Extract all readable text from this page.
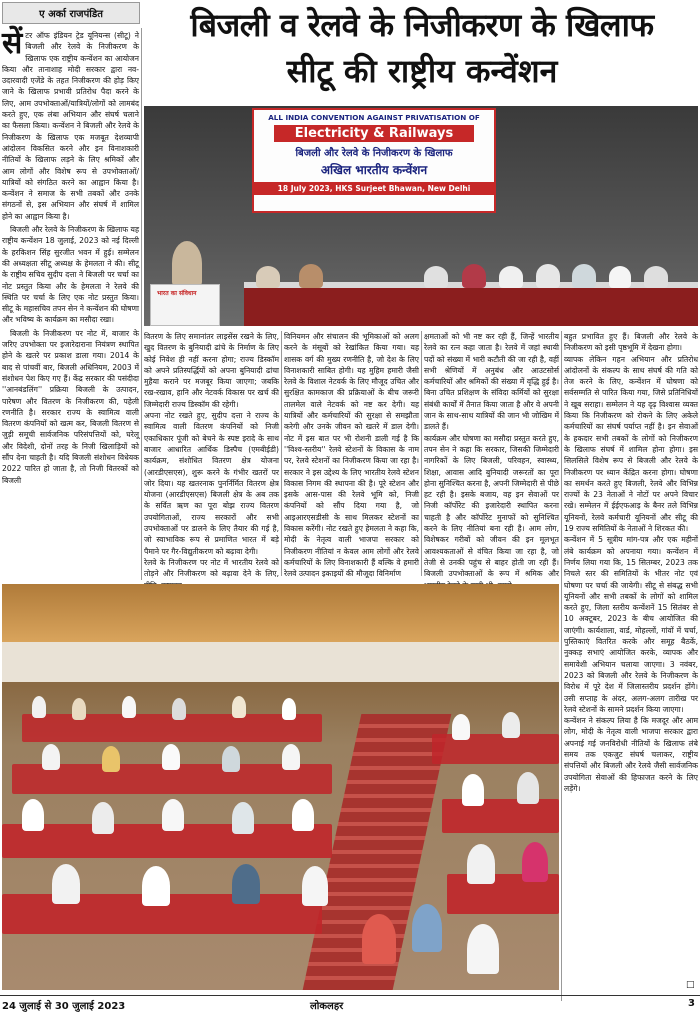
ए अर्का राजपंडित	बिजली व रेलवे के निजीकरण के खिलाफ
सीटू की राष्ट्रीय कन्वेंशन
ALL INDIA CONVENTION AGAINST PRIVATISATION OF
Electricity & Railways
बिजली और रेलवे के निजीकरण के खिलाफ
अखिल भारतीय कन्वेंशन
18 July 2023, HKS Surjeet Bhawan, New Delhi
भारत का संविधान

सेंटर ऑफ इंडियन ट्रेड यूनियन्स (सीटू) ने बिजली और रेलवे के निजीकरण के खिलाफ एक राष्ट्रीय कन्वेंशन का आयोजन किया और तानाशाह मोदी सरकार द्वारा नव-उदारवादी एजेंडे के तहत निजीकरण की होड़ किए जाने के खिलाफ प्रभावी प्रतिरोध पैदा करने के लिए, आम उपभोक्ताओं/यात्रियों/लोगों को लामबंद करते हुए, एक लंबा अभियान और संघर्ष चलाने का फैसला किया। कन्वेंशन ने बिजली और रेलवे के निजीकरण के खिलाफ एक मजबूत देशव्यापी आंदोलन विकसित करने और इन विनाशकारी नीतियों के खिलाफ लड़ने के लिए श्रमिकों और आम लोगों और विशेष रूप से उपभोक्ताओं/यात्रियों को संगठित करने का आह्वान किया है। कन्वेंशन ने समाज के सभी तबकों और उनके संगठनों से, इस अभियान और संघर्ष में शामिल होने का आह्वान किया है।

बिजली और रेलवे के निजीकरण के खिलाफ यह राष्ट्रीय कन्वेंशन 18 जुलाई, 2023 को नई दिल्ली के हरकिशन सिंह सुरजीत भवन में हुई। सम्मेलन की अध्यक्षता सीटू अध्यक्ष के हेमलता ने की। सीटू के राष्ट्रीय सचिव सुदीप दत्ता ने बिजली पर चर्चा का नोट प्रस्तुत किया और के हेमलता ने रेलवे की स्थिति पर चर्चा के लिए एक नोट प्रस्तुत किया। सीटू के महासचिव तपन सेन ने कन्वेंशन की घोषणा और भविष्य के कार्यक्रम का मसौदा रखा।

बिजली के निजीकरण पर नोट में, बाजार के जरिए उपभोक्ता पर इजारेदाराना नियंत्रण स्थापित होने के खतरे पर प्रकाश डाला गया। 2014 के बाद से पांचवीं बार, बिजली अधिनियम, 2003 में संशोधन पेश किए गए हैं। केंद्र सरकार की पसंदीदा ''आनबंडलिंग'' प्रक्रिया बिजली के उत्पादन, पारेषण और वितरण के निजीकरण की, पहेली रणनीति है। सरकार राज्य के स्वामित्व वाली वितरण कंपनियों को खत्म कर, बिजली वितरण से जुड़ी समूची सार्वजनिक परिसंपत्तियों को, घरेलू और विदेशी, दोनों तरह के निजी खिलाड़ियों को सौंप देना चाहती है। यदि बिजली संशोधन विधेयक 2022 पारित हो जाता है, तो निजी वितरकों को बिजली

वितरण के लिए समानांतर लाइसेंस रखने के लिए, खुद वितरण के बुनियादी ढांचे के निर्माण के लिए कोई निवेश ही नहीं करना होगा; राज्य डिस्कॉम को अपने प्रतिस्पर्द्धियों को अपना बुनियादी ढांचा मुहैया कराने पर मजबूर किया जाएगा; जबकि रख-रखाव, हानि और नेटवर्क विकास पर खर्च की जिम्मेदारी राज्य डिस्कॉम की रहेगी।
अपना नोट रखते हुए, सुदीप दत्ता ने राज्य के स्वामित्व वाली वितरण कंपनियों को निजी एकाधिकार पूंजी को बेचने के स्पष्ट इरादे के साथ बाजार आधारित आर्थिक डिस्पैच (एमबीईडी) कार्यक्रम, संशोधित वितरण क्षेत्र योजना (आरडीएसएस), शुरू करने के गंभीर खतरों पर जोर दिया। यह खतरनाक पुनर्निर्मित वितरण क्षेत्र योजना (आरडीएसएस) बिजली क्षेत्र के अब तक के सर्वित ऋण का पूरा बोझ राज्य वितरण उपयोगिताओं, राज्य सरकारों और सभी उपभोक्ताओं पर डालने के लिए तैयार की गई है, जो स्वाभाविक रूप से प्रमाणित भारत में बड़े पैमाने पर गैर-विद्युतीकरण को बढ़ावा देगी।
रेलवे के निजीकरण पर नोट में भारतीय रेलवे को तोड़ने और निजीकरण को बढ़ावा देने के लिए,
विनियमन और संचालन की भूमिकाओं को अलग करने के मंसूबों को रेखांकित किया गया। यह शासक वर्ग की मुख्य रणनीति है, जो देश के लिए विनाशकारी साबित होगी। यह मुहिम हमारी जैसी रेलवे के विशाल नेटवर्क के लिए मौजूद उचित और सुरक्षित कामकाज की प्रक्रियाओं के बीच जरूरी तालमेल वाले नेटवर्क को नष्ट कर देगी। यह यात्रियों और कर्मचारियों की सुरक्षा से समझौता करेगी और उनके जीवन को खतरे में डाल देगी। नोट में इस बात पर भी रोशनी डाली गई है कि ''विश्व-स्तरीय'' रेलवे स्टेशनों के विकास के नाम पर, रेलवे स्टेशनों का निजीकरण किया जा रहा है। सरकार ने इस उद्देश्य के लिए भारतीय रेलवे स्टेशन विकास निगम की स्थापना की है। पूरे स्टेशन और इसके आस-पास की रेलवे भूमि को, निजी कंपनियों को सौंप दिया गया है, जो आइआरएसडीसी के साथ मिलकर स्टेशनों का विकास करेंगी। नोट रखते हुए हेमलता ने कहा कि, मोदी के नेतृत्व वाली भाजपा सरकार को निजीकरण नीतियां न केवल आम लोगों और रेलवे कर्मचारियों के लिए विनाशकारी हैं बल्कि वे हमारी रेलवे उत्पादन इकाइयों की मौजूदा विनिर्माण
क्षमताओं को भी नष्ट कर रही हैं, जिन्हें भारतीय रेलवे का रत्न कहा जाता है। रेलवे में जहां स्थायी पदों को संख्या में भारी कटौती की जा रही है, वहीं सभी श्रेणियों में अनुबंध और आउटसोर्स कर्मचारियों और श्रमिकों की संख्या में वृद्धि हुई है। बिना उचित प्रशिक्षण के संविदा कर्मियों को सुरक्षा संबंधी कार्यों में तैनात किया जाता है और वे अपनी जान के साथ-साथ यात्रियों की जान भी जोखिम में डालते हैं।
कार्यक्रम और घोषणा का मसौदा प्रस्तुत करते हुए, तपन सेन ने कहा कि सरकार, जिसकी जिम्मेदारी नागरिकों के लिए बिजली, परिवहन, स्वास्थ्य, शिक्षा, आवास आदि बुनियादी जरूरतों का पूरा होना सुनिश्चित करना है, अपनी जिम्मेदारी से पीछे हट रही है। इसके बजाय, वह इन सेवाओं पर निजी कॉर्पोरेट की इजारेदारी स्थापित करना चाहती है और कॉर्पोरेट मुनाफों को सुनिश्चित करने के लिए नीतियां बना रही है। आम लोग, विशेषकर गरीबों को जीवन की इन मूलभूत आवश्यकताओं से वंचित किया जा रहा है, जो तेजी से उनकी पहुंच से बाहर होती जा रही हैं। बिजली उपभोक्ताओं के रूप में श्रमिक और
बहुत प्रभावित हुए हैं। बिजली और रेलवे के निजीकरण को इसी पृष्ठभूमि में देखना होगा।
व्यापक लेकिन गहन अभियान और प्रतिरोध आंदोलनों के संकल्प के साथ संघर्ष की गति को तेज करने के लिए, कन्वेंशन में घोषणा को सर्वसम्मति से पारित किया गया, जिसे प्रतिनिधियों ने खूब सराहा। सम्मेलन ने यह दृढ़ विश्वास व्यक्त किया कि निजीकरण को रोकने के लिए अकेले कर्मचारियों का संघर्ष पर्याप्त नहीं है। इन सेवाओं के हकदार सभी तबकों के लोगों को निजीकरण के खिलाफ संघर्ष में शामिल होना होगा। इस सिलसिले विशेष रूप से बिजली और रेलवे के निजीकरण पर ध्यान केंद्रित करना होगा। घोषणा का समर्थन करते हुए बिजली, रेलवे और विभिन्न राज्यों के 23 नेताओं ने नोटों पर अपने विचार रखे। सम्मेलन में ईईएफआइ के बैनर तले विभिन्न यूनियनों, रेलवे कर्मचारी यूनियनों और सीटू की 19 राज्य समितियों के नेताओं ने शिरकत की।
कन्वेंशन में 5 सूत्रीय मांग-पत्र और एक महीनों लंबे कार्यक्रम को अपनाया गया। कन्वेंशन में निर्णय लिया गया कि, 15 सितम्बर, 2023 तक निचले स्तर की समितियों के भीतर नोट एवं घोषणा पर चर्चा की जायेगी। सीटू से संबद्ध सभी यूनियनों और सभी तबकों के लोगों को शामिल करते हुए, जिला स्तरीय कन्वेंशनें 15 सितंबर से 10 अक्टूबर, 2023 के बीच आयोजित की जाएंगी। कार्यशाला, वार्ड, मोहल्लों, गांवों में चर्चा, पुस्तिकाएं वितरित करके और समूह बैठकें, नुक्कड़ सभाएं आयोजित करके, व्यापक और समावेशी अभियान चलाया जाएगा। 3 नवंबर, 2023 को बिजली और रेलवे के निजीकरण के विरोध में पूरे देश में जिलास्तरीय प्रदर्शन होंगे। उसी सप्ताह के अंदर, अलग-अलग तारीख पर रेलवे स्टेशनों के सामने प्रदर्शन किया जाएगा।
कन्वेंशन ने संकल्प लिया है कि मजदूर और आम लोग, मोदी के नेतृत्व वाली भाजपा सरकार द्वारा अपनाई गई जनविरोधी नीतियों के खिलाफ लंबे समय तक एकजुट संघर्ष चलाकर, राष्ट्रीय संपत्तियों और बिजली और रेलवे जैसी सार्वजनिक उपयोगिता सेवाओं की हिफाजत करने के लिए लड़ेंगे।
□
24 जुलाई से 30 जुलाई 2023	लोकलहर	3
